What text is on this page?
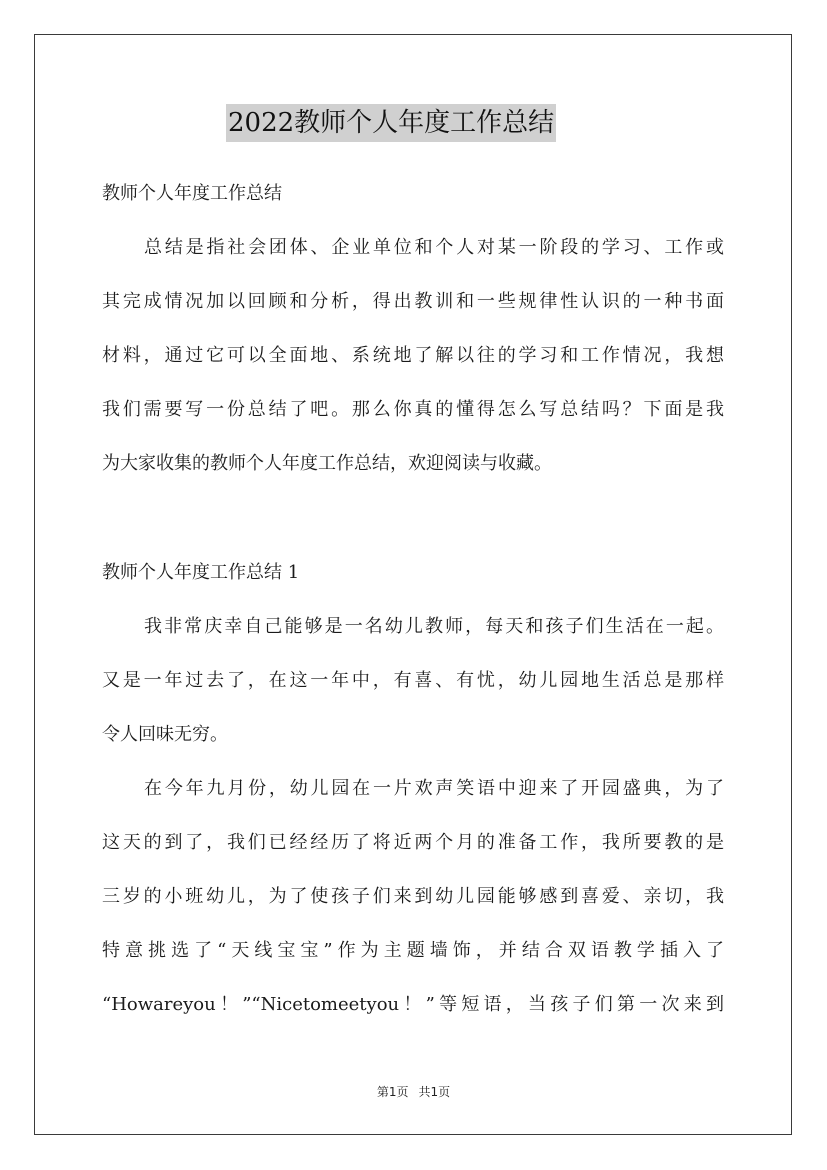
2022教师个人年度工作总结
教师个人年度工作总结
总结是指社会团体、企业单位和个人对某一阶段的学习、工作或
其完成情况加以回顾和分析，得出教训和一些规律性认识的一种书面
材料，通过它可以全面地、系统地了解以往的学习和工作情况，我想
我们需要写一份总结了吧。那么你真的懂得怎么写总结吗？下面是我
为大家收集的教师个人年度工作总结，欢迎阅读与收藏。
教师个人年度工作总结 1
我非常庆幸自己能够是一名幼儿教师，每天和孩子们生活在一起。
又是一年过去了，在这一年中，有喜、有忧，幼儿园地生活总是那样
令人回味无穷。
在今年九月份，幼儿园在一片欢声笑语中迎来了开园盛典，为了
这天的到了，我们已经经历了将近两个月的准备工作，我所要教的是
三岁的小班幼儿，为了使孩子们来到幼儿园能够感到喜爱、亲切，我
特意挑选了“天线宝宝”作为主题墙饰，并结合双语教学插入了
“Howareyou！”“Nicetomeetyou！”等短语，当孩子们第一次来到
第1页 共1页
